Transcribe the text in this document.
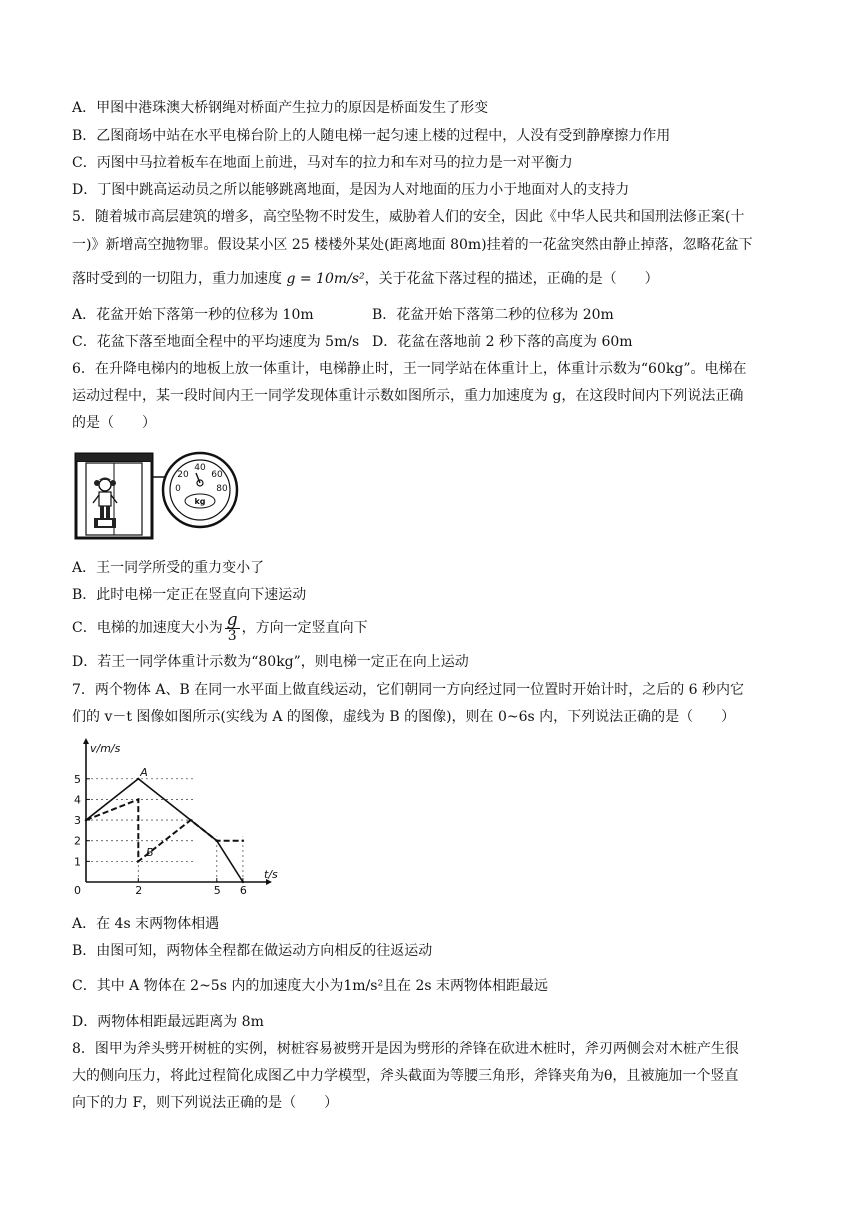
A．甲图中港珠澳大桥钢绳对桥面产生拉力的原因是桥面发生了形变
B．乙图商场中站在水平电梯台阶上的人随电梯一起匀速上楼的过程中，人没有受到静摩擦力作用
C．丙图中马拉着板车在地面上前进，马对车的拉力和车对马的拉力是一对平衡力
D．丁图中跳高运动员之所以能够跳离地面，是因为人对地面的压力小于地面对人的支持力
5．随着城市高层建筑的增多，高空坠物不时发生，威胁着人们的安全，因此《中华人民共和国刑法修正案(十
一)》新增高空抛物罪。假设某小区 25 楼楼外某处(距离地面 80m)挂着的一花盆突然由静止掉落，忽略花盆下
落时受到的一切阻力，重力加速度 g = 10m/s²，关于花盆下落过程的描述，正确的是（　　）
A．花盆开始下落第一秒的位移为 10m	B．花盆开始下落第二秒的位移为 20m
C．花盆下落至地面全程中的平均速度为 5m/s D．花盆在落地前 2 秒下落的高度为 60m
6．在升降电梯内的地板上放一体重计，电梯静止时，王一同学站在体重计上，体重计示数为“60kg”。电梯在
运动过程中，某一段时间内王一同学发现体重计示数如图所示，重力加速度为 g，在这段时间内下列说法正确
的是（　　）
40
20	60
0	80
kg
A．王一同学所受的重力变小了
B．此时电梯一定正在竖直向下速运动
C．电梯的加速度大小为 $\frac{g}{3}$ ，方向一定竖直向下
D．若王一同学体重计示数为“80kg”，则电梯一定正在向上运动
7．两个物体 A、B 在同一水平面上做直线运动，它们朝同一方向经过同一位置时开始计时，之后的 6 秒内它
们的 v－t 图像如图所示(实线为 A 的图像，虚线为 B 的图像)，则在 0~6s 内，下列说法正确的是（　　）
1
2
3
4
5
2	5 6
A
B
v/m/s
t/s
0
A．在 4s 末两物体相遇
B．由图可知，两物体全程都在做运动方向相反的往返运动
C．其中 A 物体在 2~5s 内的加速度大小为1m/s²且在 2s 末两物体相距最远
D．两物体相距最远距离为 8m
8．图甲为斧头劈开树桩的实例，树桩容易被劈开是因为劈形的斧锋在砍进木桩时，斧刃两侧会对木桩产生很
大的侧向压力，将此过程简化成图乙中力学模型，斧头截面为等腰三角形，斧锋夹角为θ，且被施加一个竖直
向下的力 F，则下列说法正确的是（　　）
